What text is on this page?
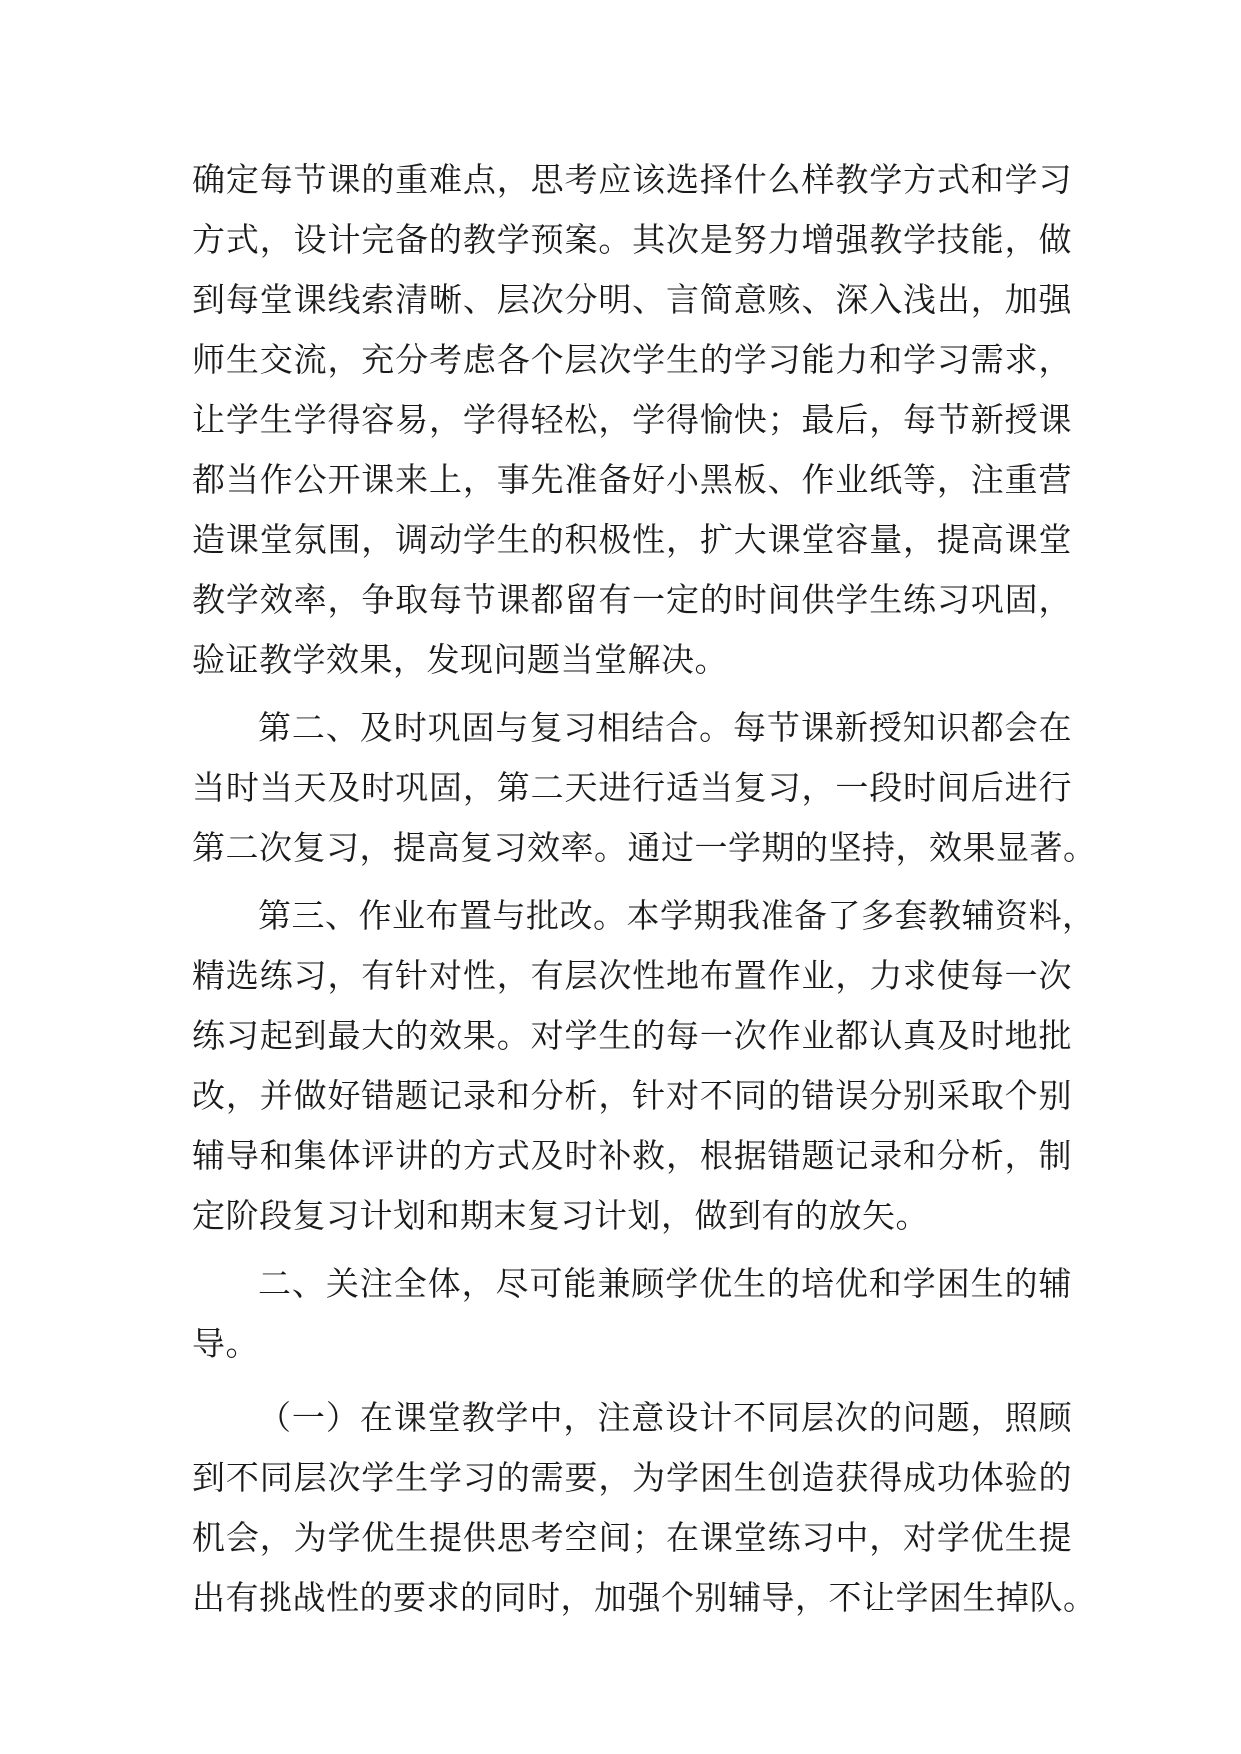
确定每节课的重难点，思考应该选择什么样教学方式和学习
方式，设计完备的教学预案。其次是努力增强教学技能，做
到每堂课线索清晰、层次分明、言简意赅、深入浅出，加强
师生交流，充分考虑各个层次学生的学习能力和学习需求，
让学生学得容易，学得轻松，学得愉快；最后，每节新授课
都当作公开课来上，事先准备好小黑板、作业纸等，注重营
造课堂氛围，调动学生的积极性，扩大课堂容量，提高课堂
教学效率，争取每节课都留有一定的时间供学生练习巩固，
验证教学效果，发现问题当堂解决。
第二、及时巩固与复习相结合。每节课新授知识都会在
当时当天及时巩固，第二天进行适当复习，一段时间后进行
第二次复习，提高复习效率。通过一学期的坚持，效果显著。
第三、作业布置与批改。本学期我准备了多套教辅资料，
精选练习，有针对性，有层次性地布置作业，力求使每一次
练习起到最大的效果。对学生的每一次作业都认真及时地批
改，并做好错题记录和分析，针对不同的错误分别采取个别
辅导和集体评讲的方式及时补救，根据错题记录和分析，制
定阶段复习计划和期末复习计划，做到有的放矢。
二、关注全体，尽可能兼顾学优生的培优和学困生的辅
导。
（一）在课堂教学中，注意设计不同层次的问题，照顾
到不同层次学生学习的需要，为学困生创造获得成功体验的
机会，为学优生提供思考空间；在课堂练习中，对学优生提
出有挑战性的要求的同时，加强个别辅导，不让学困生掉队。
